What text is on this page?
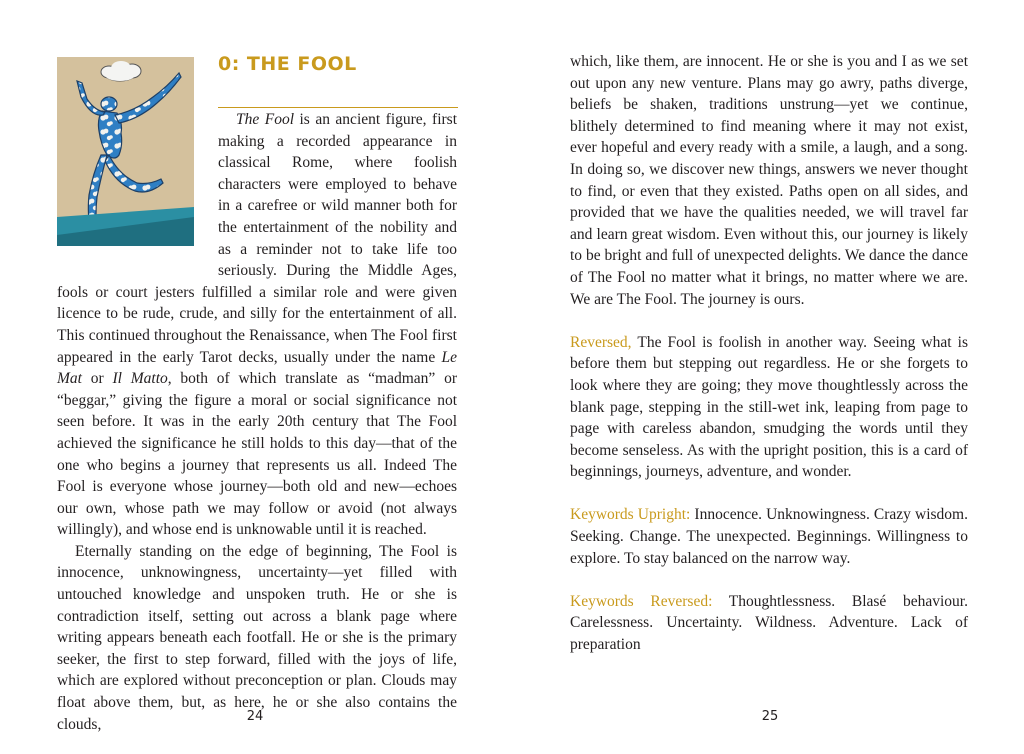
0: THE FOOL

The Fool is an ancient figure, first making a recorded appearance in classical Rome, where foolish characters were employed to behave in a carefree or wild manner both for the entertainment of the nobility and as a reminder not to take life too seriously. During the Middle Ages, fools or court jesters fulfilled a similar role and were given licence to be rude, crude, and silly for the entertainment of all. This continued throughout the Renaissance, when The Fool first appeared in the early Tarot decks, usually under the name Le Mat or Il Matto, both of which translate as “madman” or “beggar,” giving the figure a moral or social significance not seen before. It was in the early 20th century that The Fool achieved the significance he still holds to this day—that of the one who begins a journey that represents us all. Indeed The Fool is everyone whose journey—both old and new—echoes our own, whose path we may follow or avoid (not always willingly), and whose end is unknowable until it is reached.

Eternally standing on the edge of beginning, The Fool is innocence, unknowingness, uncertainty—yet filled with untouched knowledge and unspoken truth. He or she is contradiction itself, setting out across a blank page where writing appears beneath each footfall. He or she is the primary seeker, the first to step forward, filled with the joys of life, which are explored without preconception or plan. Clouds may float above them, but, as here, he or she also contains the clouds,	24

which, like them, are innocent. He or she is you and I as we set out upon any new venture. Plans may go awry, paths diverge, beliefs be shaken, traditions unstrung—yet we continue, blithely determined to find meaning where it may not exist, ever hopeful and every ready with a smile, a laugh, and a song. In doing so, we discover new things, answers we never thought to find, or even that they existed. Paths open on all sides, and provided that we have the qualities needed, we will travel far and learn great wisdom. Even without this, our journey is likely to be bright and full of unexpected delights. We dance the dance of The Fool no matter what it brings, no matter where we are. We are The Fool. The journey is ours.

Reversed, The Fool is foolish in another way. Seeing what is before them but stepping out regardless. He or she forgets to look where they are going; they move thoughtlessly across the blank page, stepping in the still-wet ink, leaping from page to page with careless abandon, smudging the words until they become senseless. As with the upright position, this is a card of beginnings, journeys, adventure, and wonder.

Keywords Upright: Innocence. Unknowingness. Crazy wisdom. Seeking. Change. The unexpected. Beginnings. Willingness to explore. To stay balanced on the narrow way.

Keywords Reversed: Thoughtlessness. Blasé behaviour. Carelessness. Uncertainty. Wildness. Adventure. Lack of preparation

25
